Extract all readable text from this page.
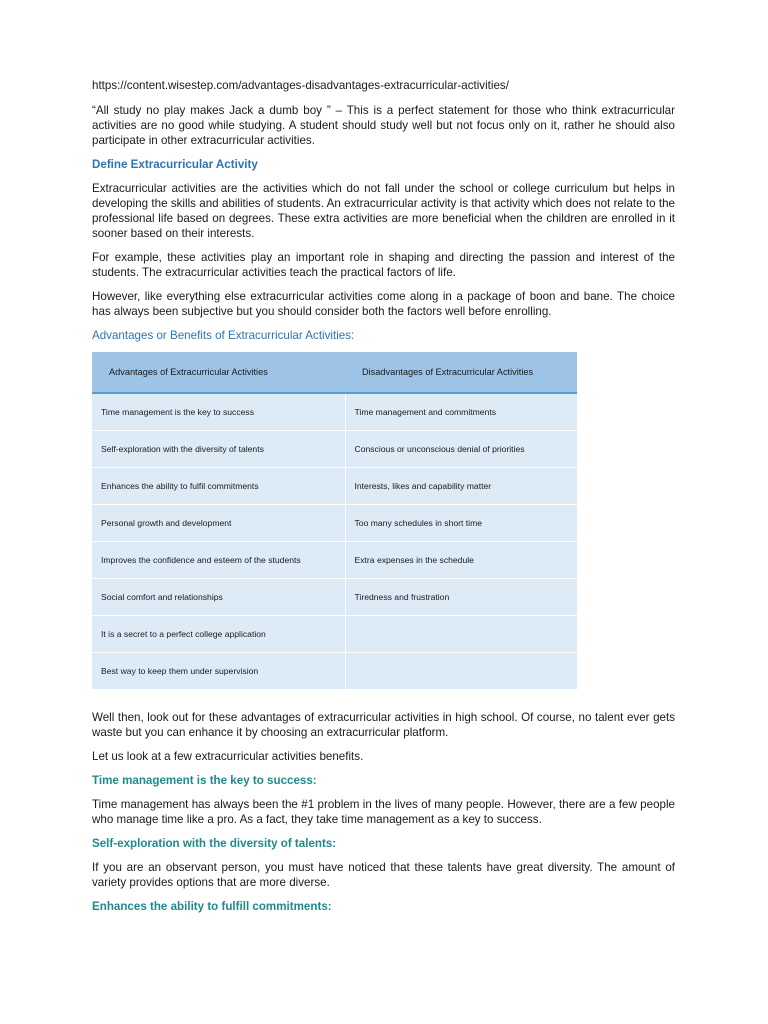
https://content.wisestep.com/advantages-disadvantages-extracurricular-activities/

“All study no play makes Jack a dumb boy ” – This is a perfect statement for those who think extracurricular activities are no good while studying. A student should study well but not focus only on it, rather he should also participate in other extracurricular activities.

Define Extracurricular Activity

Extracurricular activities are the activities which do not fall under the school or college curriculum but helps in developing the skills and abilities of students. An extracurricular activity is that activity which does not relate to the professional life based on degrees. These extra activities are more beneficial when the children are enrolled in it sooner based on their interests.

For example, these activities play an important role in shaping and directing the passion and interest of the students. The extracurricular activities teach the practical factors of life.

However, like everything else extracurricular activities come along in a package of boon and bane. The choice has always been subjective but you should consider both the factors well before enrolling.

Advantages or Benefits of Extracurricular Activities:
Advantages of Extracurricular Activities	Disadvantages of Extracurricular Activities
Time management is the key to success	Time management and commitments
Self-exploration with the diversity of talents	Conscious or unconscious denial of priorities
Enhances the ability to fulfil commitments	Interests, likes and capability matter
Personal growth and development	Too many schedules in short time
Improves the confidence and esteem of the students	Extra expenses in the schedule
Social comfort and relationships	Tiredness and frustration
It is a secret to a perfect college application	
Best way to keep them under supervision	

Well then, look out for these advantages of extracurricular activities in high school. Of course, no talent ever gets waste but you can enhance it by choosing an extracurricular platform.

Let us look at a few extracurricular activities benefits.

Time management is the key to success:

Time management has always been the #1 problem in the lives of many people. However, there are a few people who manage time like a pro. As a fact, they take time management as a key to success.

Self-exploration with the diversity of talents:

If you are an observant person, you must have noticed that these talents have great diversity. The amount of variety provides options that are more diverse.

Enhances the ability to fulfill commitments:
